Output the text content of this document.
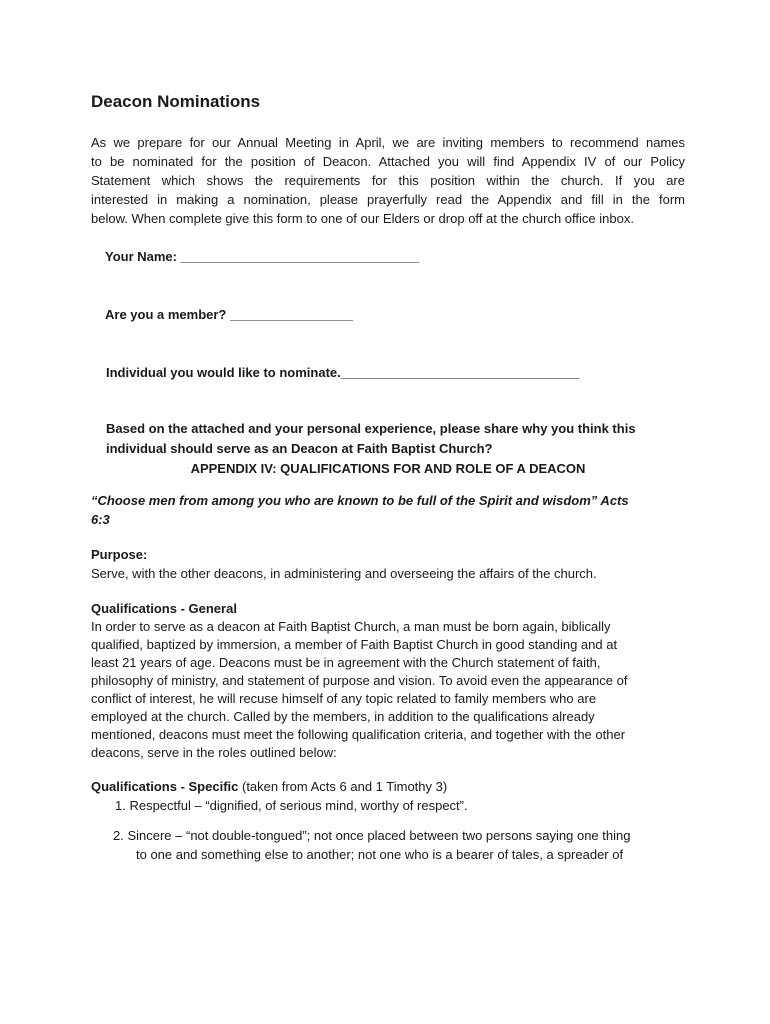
Deacon Nominations
As we prepare for our Annual Meeting in April, we are inviting members to recommend names
to be nominated for the position of Deacon. Attached you will find Appendix IV of our Policy
Statement which shows the requirements for this position within the church. If you are
interested in making a nomination, please prayerfully read the Appendix and fill in the form
below. When complete give this form to one of our Elders or drop off at the church office inbox.
Your Name: _________________________________
Are you a member? _________________
Individual you would like to nominate._________________________________
Based on the attached and your personal experience, please share why you think this
individual should serve as an Deacon at Faith Baptist Church?
APPENDIX IV: QUALIFICATIONS FOR AND ROLE OF A DEACON
“Choose men from among you who are known to be full of the Spirit and wisdom” Acts
6:3
Purpose:
Serve, with the other deacons, in administering and overseeing the affairs of the church.
Qualifications - General
In order to serve as a deacon at Faith Baptist Church, a man must be born again, biblically
qualified, baptized by immersion, a member of Faith Baptist Church in good standing and at
least 21 years of age. Deacons must be in agreement with the Church statement of faith,
philosophy of ministry, and statement of purpose and vision. To avoid even the appearance of
conflict of interest, he will recuse himself of any topic related to family members who are
employed at the church. Called by the members, in addition to the qualifications already
mentioned, deacons must meet the following qualification criteria, and together with the other
deacons, serve in the roles outlined below:
Qualifications - Specific (taken from Acts 6 and 1 Timothy 3)
1. Respectful – “dignified, of serious mind, worthy of respect”.
2. Sincere – “not double-tongued”; not once placed between two persons saying one thing
to one and something else to another; not one who is a bearer of tales, a spreader of
